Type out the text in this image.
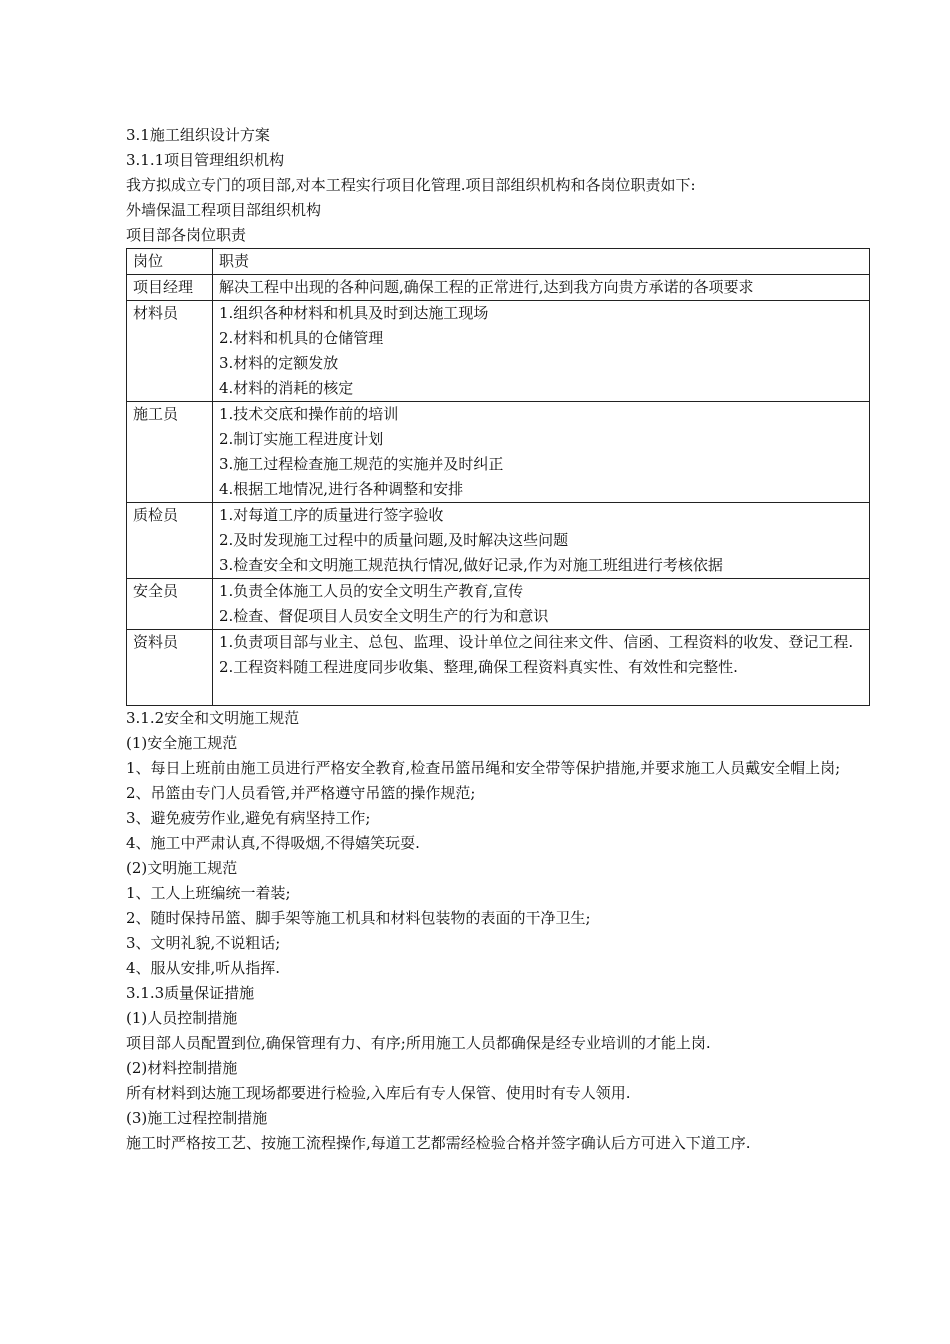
3.1施工组织设计方案
3.1.1项目管理组织机构
我方拟成立专门的项目部,对本工程实行项目化管理.项目部组织机构和各岗位职责如下:
外墙保温工程项目部组织机构
项目部各岗位职责
岗位	职责
项目经理	解决工程中出现的各种问题,确保工程的正常进行,达到我方向贵方承诺的各项要求

材料员	1.组织各种材料和机具及时到达施工现场
2.材料和机具的仓储管理
3.材料的定额发放
4.材料的消耗的核定

施工员	1.技术交底和操作前的培训
2.制订实施工程进度计划
3.施工过程检查施工规范的实施并及时纠正
4.根据工地情况,进行各种调整和安排

质检员	1.对每道工序的质量进行签字验收
2.及时发现施工过程中的质量问题,及时解决这些问题
3.检查安全和文明施工规范执行情况,做好记录,作为对施工班组进行考核依据

安全员	1.负责全体施工人员的安全文明生产教育,宣传
2.检查、督促项目人员安全文明生产的行为和意识

资料员	1.负责项目部与业主、总包、监理、设计单位之间往来文件、信函、工程资料的收发、登记工程.
2.工程资料随工程进度同步收集、整理,确保工程资料真实性、有效性和完整性.
3.1.2安全和文明施工规范
(1)安全施工规范
1、每日上班前由施工员进行严格安全教育,检查吊篮吊绳和安全带等保护措施,并要求施工人员戴安全帽上岗;
2、吊篮由专门人员看管,并严格遵守吊篮的操作规范;
3、避免疲劳作业,避免有病坚持工作;
4、施工中严肃认真,不得吸烟,不得嬉笑玩耍.
(2)文明施工规范
1、工人上班编统一着装;
2、随时保持吊篮、脚手架等施工机具和材料包装物的表面的干净卫生;
3、文明礼貌,不说粗话;
4、服从安排,听从指挥.
3.1.3质量保证措施
(1)人员控制措施
项目部人员配置到位,确保管理有力、有序;所用施工人员都确保是经专业培训的才能上岗.
(2)材料控制措施
所有材料到达施工现场都要进行检验,入库后有专人保管、使用时有专人领用.
(3)施工过程控制措施
施工时严格按工艺、按施工流程操作,每道工艺都需经检验合格并签字确认后方可进入下道工序.
